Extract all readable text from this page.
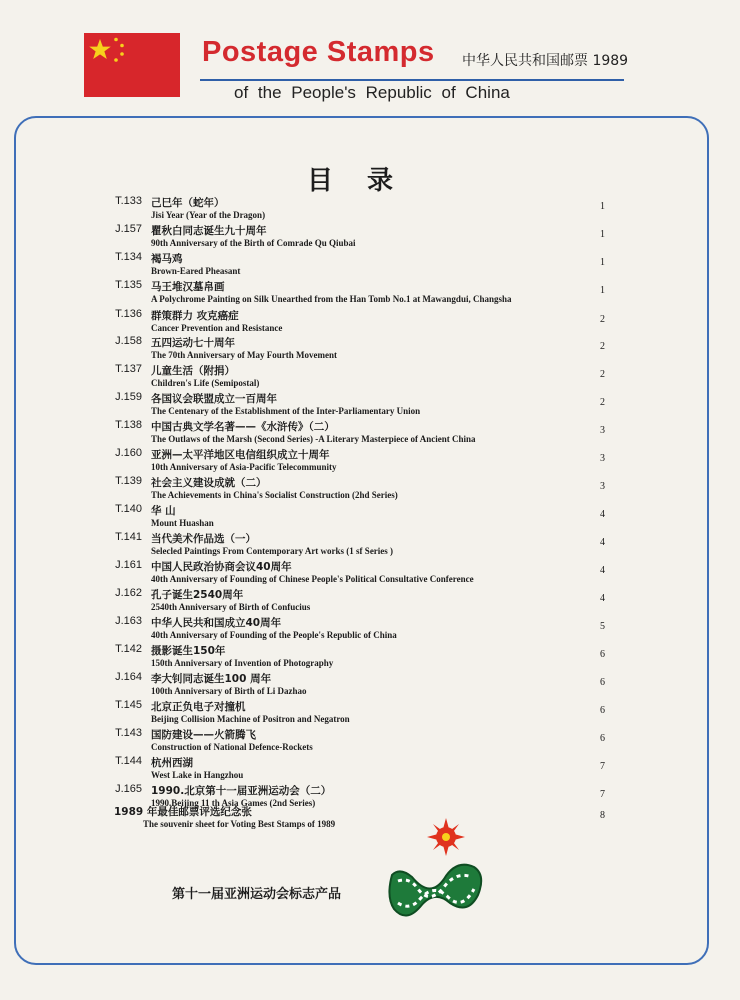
Postage Stamps 中华人民共和国邮票 1989
of the People's Republic of China
目录
T.133 己巳年（蛇年）
Jisi Year (Year of the Dragon)
1
J.157 瞿秋白同志诞生九十周年
90th Anniversary of the Birth of Comrade Qu Qiubai
1
T.134 褐马鸡
Brown-Eared Pheasant
1
T.135 马王堆汉墓帛画
A Polychrome Painting on Silk Unearthed from the Han Tomb No.1 at Mawangdui, Changsha
1
T.136 群策群力 攻克癌症
Cancer Prevention and Resistance
2
J.158 五四运动七十周年
The 70th Anniversary of May Fourth Movement
2
T.137 儿童生活（附捐）
Children's Life (Semipostal)
2
J.159 各国议会联盟成立一百周年
The Centenary of the Establishment of the Inter-Parliamentary Union
2
T.138 中国古典文学名著——《水浒传》（二）
The Outlaws of the Marsh (Second Series) -A Literary Masterpiece of Ancient China
3
J.160 亚洲—太平洋地区电信组织成立十周年
10th Anniversary of Asia-Pacific Telecommunity
3
T.139 社会主义建设成就（二）
The Achievements in China's Socialist Construction (2hd Series)
3
T.140 华 山
Mount Huashan
4
T.141 当代美术作品选（一）
Selecled Paintings From Contemporary Art works (1 sf Series )
4
J.161 中国人民政治协商会议40周年
40th Anniversary of Founding of Chinese People's Political Consultative Conference
4
J.162 孔子诞生2540周年
2540th Anniversary of Birth of Confucius
4
J.163 中华人民共和国成立40周年
40th Anniversary of Founding of the People's Republic of China
5
T.142 摄影诞生150年
150th Anniversary of Invention of Photography
6
J.164 李大钊同志诞生100 周年
100th Anniversary of Birth of Li Dazhao
6
T.145 北京正负电子对撞机
Beijing Collision Machine of Positron and Negatron
6
T.143 国防建设——火箭腾飞
Construction of National Defence-Rockets
6
T.144 杭州西湖
West Lake in Hangzhou
7
J.165 1990.北京第十一届亚洲运动会（二）
1990.Beijing 11 th Asia Games (2nd Series)
7
1989 年最佳邮票评选纪念张
The souvenir sheet for Voting Best Stamps of 1989
8
第十一届亚洲运动会标志产品
